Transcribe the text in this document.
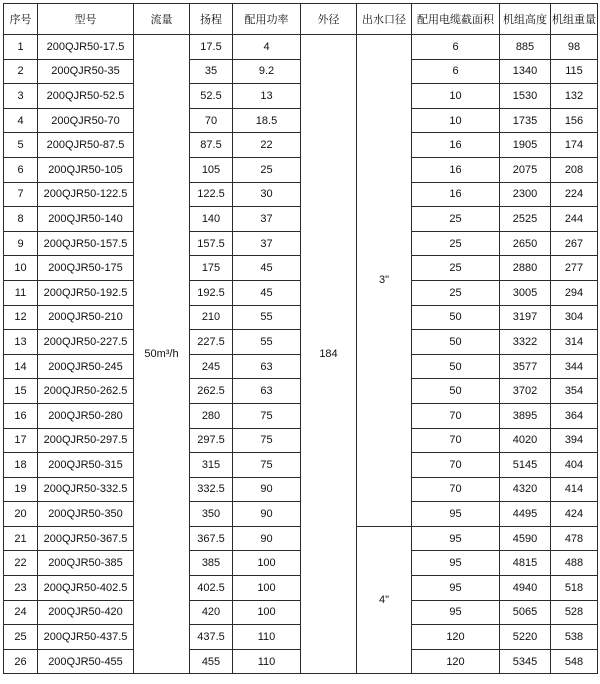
序号	型号	流量	扬程	配用功率	外径	出水口径	配用电缆截面积	机组高度	机组重量
1	200QJR50-17.5	50m³/h	17.5	4	184	3"	6	885	98
2	200QJR50-35		35	9.2			6	1340	115
3	200QJR50-52.5		52.5	13			10	1530	132
4	200QJR50-70		70	18.5			10	1735	156
5	200QJR50-87.5		87.5	22			16	1905	174
6	200QJR50-105		105	25			16	2075	208
7	200QJR50-122.5		122.5	30			16	2300	224
8	200QJR50-140		140	37			25	2525	244
9	200QJR50-157.5		157.5	37			25	2650	267
10	200QJR50-175		175	45			25	2880	277
11	200QJR50-192.5		192.5	45			25	3005	294
12	200QJR50-210		210	55			50	3197	304
13	200QJR50-227.5		227.5	55			50	3322	314
14	200QJR50-245		245	63			50	3577	344
15	200QJR50-262.5		262.5	63			50	3702	354
16	200QJR50-280		280	75			70	3895	364
17	200QJR50-297.5		297.5	75			70	4020	394
18	200QJR50-315		315	75			70	5145	404
19	200QJR50-332.5		332.5	90			70	4320	414
20	200QJR50-350		350	90			95	4495	424
21	200QJR50-367.5		367.5	90		4"	95	4590	478
22	200QJR50-385		385	100			95	4815	488
23	200QJR50-402.5		402.5	100			95	4940	518
24	200QJR50-420		420	100			95	5065	528
25	200QJR50-437.5		437.5	110			120	5220	538
26	200QJR50-455		455	110			120	5345	548
